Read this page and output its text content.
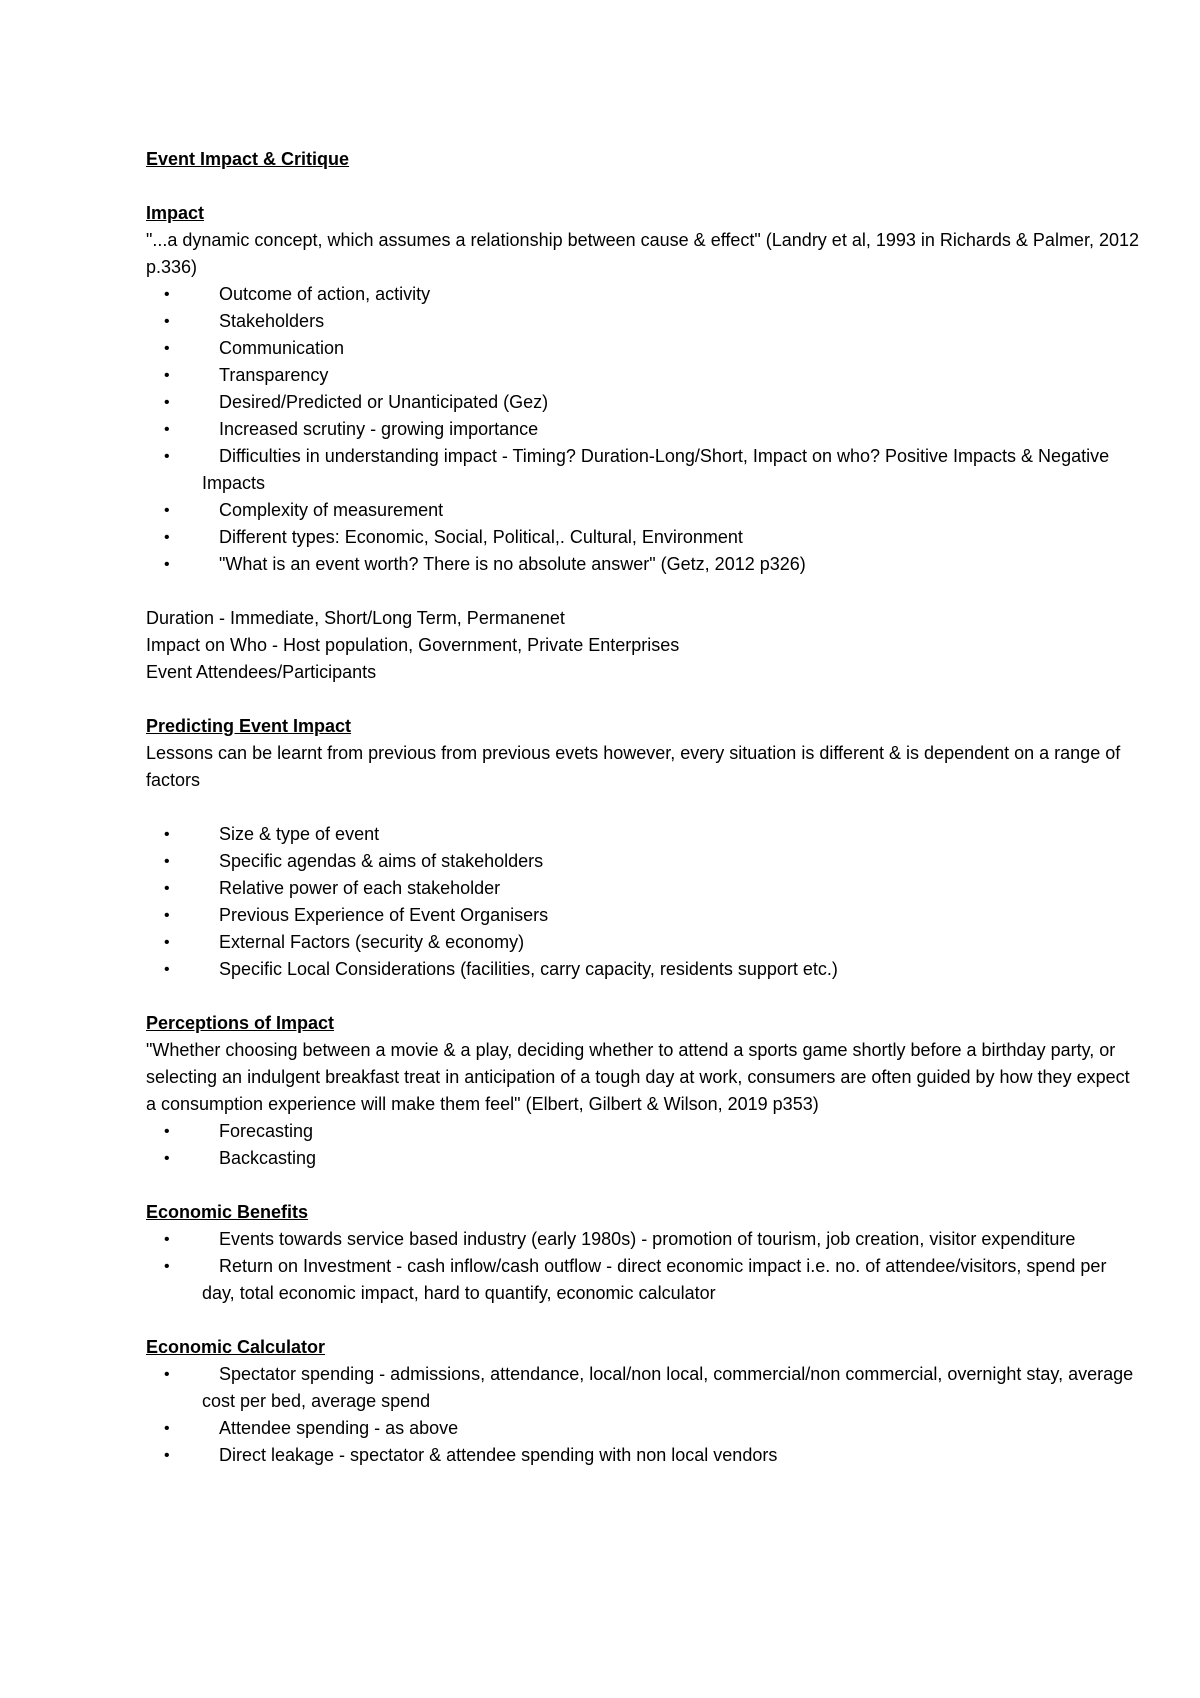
Event Impact & Critique

Impact

"...a dynamic concept, which assumes a relationship between cause & effect" (Landry et al, 1993 in Richards & Palmer, 2012 p.336)

•	Outcome of action, activity
•	Stakeholders
•	Communication
•	Transparency
•	Desired/Predicted or Unanticipated (Gez)
•	Increased scrutiny - growing importance
•	Difficulties in understanding impact - Timing? Duration-Long/Short, Impact on who? Positive Impacts & Negative Impacts
•	Complexity of measurement
•	Different types: Economic, Social, Political,. Cultural, Environment
•	"What is an event worth? There is no absolute answer" (Getz, 2012 p326)

Duration - Immediate, Short/Long Term, Permanenet

Impact on Who - Host population, Government, Private Enterprises

Event Attendees/Participants

Predicting Event Impact

Lessons can be learnt from previous from previous evets however, every situation is different & is dependent on a range of factors

•	Size & type of event
•	Specific agendas & aims of stakeholders
•	Relative power of each stakeholder
•	Previous Experience of Event Organisers
•	External Factors (security & economy)
•	Specific Local Considerations (facilities, carry capacity, residents support etc.)

Perceptions of Impact

"Whether choosing between a movie & a play, deciding whether to attend a sports game shortly before a birthday party, or selecting an indulgent breakfast treat in anticipation of a tough day at work, consumers are often guided by how they expect a consumption experience will make them feel" (Elbert, Gilbert & Wilson, 2019 p353)

•	Forecasting
•	Backcasting

Economic Benefits

•	Events towards service based industry (early 1980s) - promotion of tourism, job creation, visitor expenditure
•	Return on Investment - cash inflow/cash outflow - direct economic impact i.e. no. of attendee/visitors, spend per day, total economic impact, hard to quantify, economic calculator

Economic Calculator

•	Spectator spending - admissions, attendance, local/non local, commercial/non commercial, overnight stay, average cost per bed, average spend
•	Attendee spending - as above
•	Direct leakage - spectator & attendee spending with non local vendors
